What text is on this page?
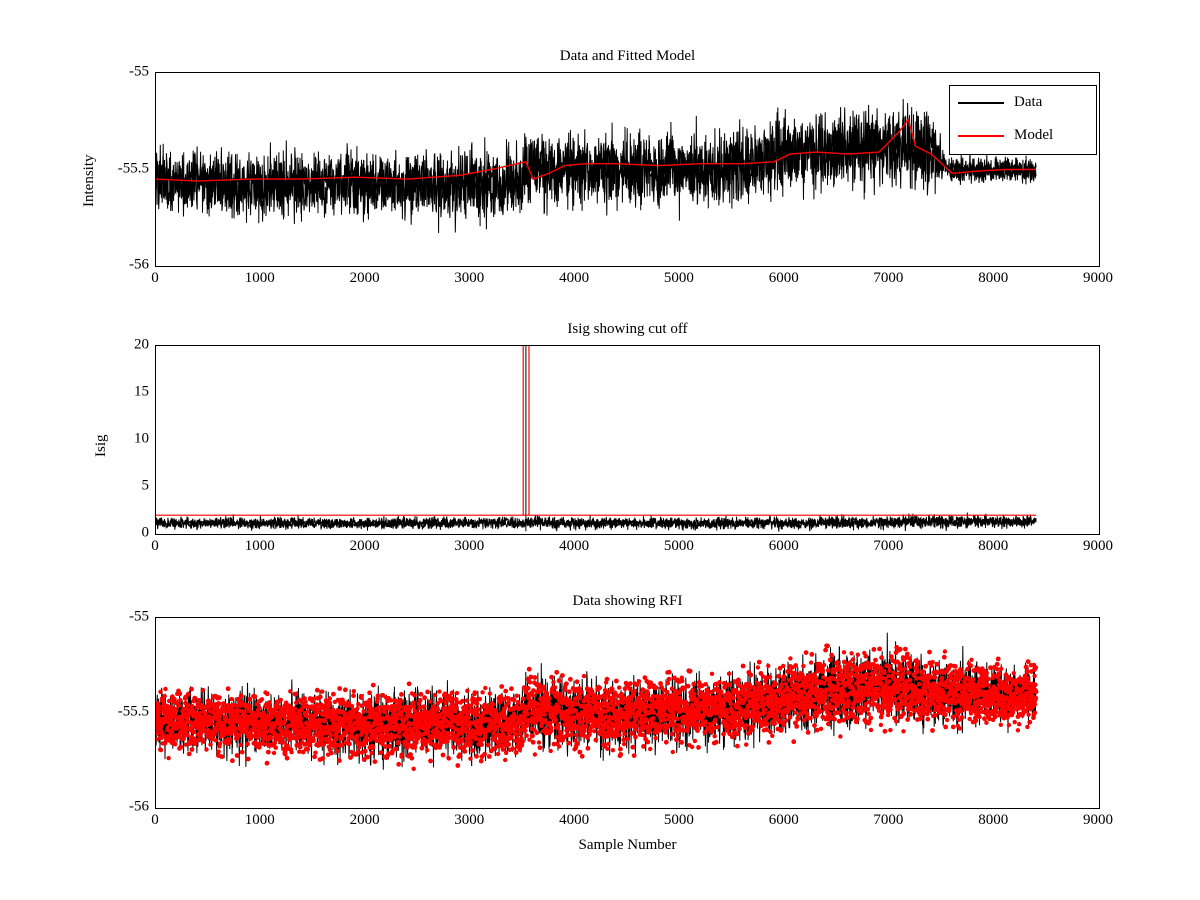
Data and Fitted Model
-55
-55.5
-56
Intensity
0	1000	2000	3000	4000	5000	6000	7000	8000	9000
Data
Model
Isig showing cut off
20
15
10
5
0
Isig
0	1000	2000	3000	4000	5000	6000	7000	8000	9000
Data showing RFI
-55
-55.5
-56
0	1000	2000	3000	4000	5000	6000	7000	8000	9000
Sample Number
